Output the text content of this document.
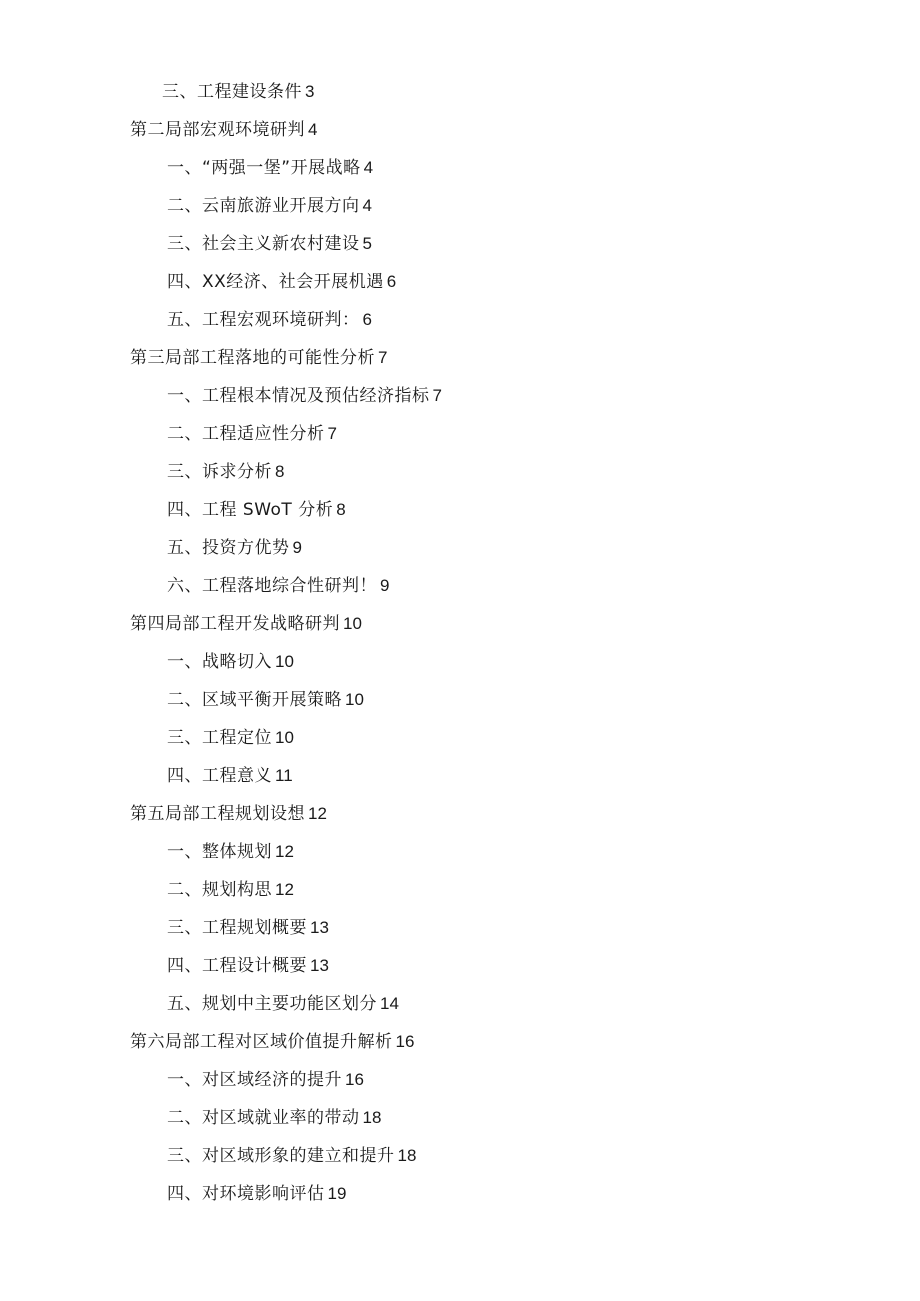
三、工程建设条件 3
第二局部宏观环境研判 4
一、“两强一堡”开展战略 4
二、云南旅游业开展方向 4
三、社会主义新农村建设 5
四、XX经济、社会开展机遇 6
五、工程宏观环境研判： 6
第三局部工程落地的可能性分析 7
一、工程根本情况及预估经济指标 7
二、工程适应性分析 7
三、诉求分析 8
四、工程 SWoT 分析 8
五、投资方优势 9
六、工程落地综合性研判！ 9
第四局部工程开发战略研判 10
一、战略切入 10
二、区域平衡开展策略 10
三、工程定位 10
四、工程意义 11
第五局部工程规划设想 12
一、整体规划 12
二、规划构思 12
三、工程规划概要 13
四、工程设计概要 13
五、规划中主要功能区划分 14
第六局部工程对区域价值提升解析 16
一、对区域经济的提升 16
二、对区域就业率的带动 18
三、对区域形象的建立和提升 18
四、对环境影响评估 19
